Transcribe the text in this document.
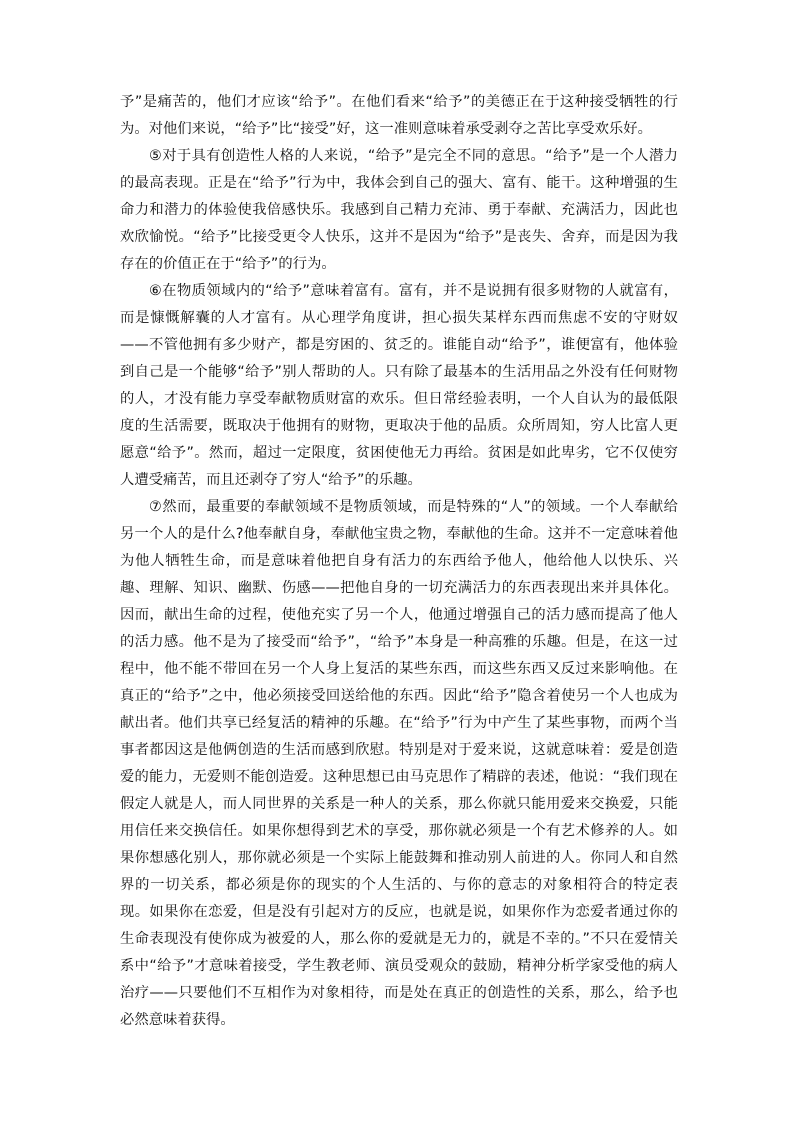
予”是痛苦的，他们才应该“给予”。在他们看来“给予”的美德正在于这种接受牺牲的行为。对他们来说，“给予”比“接受”好，这一准则意味着承受剥夺之苦比享受欢乐好。

⑤对于具有创造性人格的人来说，“给予”是完全不同的意思。“给予”是一个人潜力的最高表现。正是在“给予”行为中，我体会到自己的强大、富有、能干。这种增强的生命力和潜力的体验使我倍感快乐。我感到自己精力充沛、勇于奉献、充满活力，因此也欢欣愉悦。“给予”比接受更令人快乐，这并不是因为“给予”是丧失、舍弃，而是因为我存在的价值正在于“给予”的行为。

⑥在物质领域内的“给予”意味着富有。富有，并不是说拥有很多财物的人就富有，而是慷慨解囊的人才富有。从心理学角度讲，担心损失某样东西而焦虑不安的守财奴——不管他拥有多少财产，都是穷困的、贫乏的。谁能自动“给予”，谁便富有，他体验到自己是一个能够“给予”别人帮助的人。只有除了最基本的生活用品之外没有任何财物的人，才没有能力享受奉献物质财富的欢乐。但日常经验表明，一个人自认为的最低限度的生活需要，既取决于他拥有的财物，更取决于他的品质。众所周知，穷人比富人更愿意“给予”。然而，超过一定限度，贫困使他无力再给。贫困是如此卑劣，它不仅使穷人遭受痛苦，而且还剥夺了穷人“给予”的乐趣。

⑦然而，最重要的奉献领域不是物质领域，而是特殊的“人”的领域。一个人奉献给另一个人的是什么?他奉献自身，奉献他宝贵之物，奉献他的生命。这并不一定意味着他为他人牺牲生命，而是意味着他把自身有活力的东西给予他人，他给他人以快乐、兴趣、理解、知识、幽默、伤感——把他自身的一切充满活力的东西表现出来并具体化。因而，献出生命的过程，使他充实了另一个人，他通过增强自己的活力感而提高了他人的活力感。他不是为了接受而“给予”，“给予”本身是一种高雅的乐趣。但是，在这一过程中，他不能不带回在另一个人身上复活的某些东西，而这些东西又反过来影响他。在真正的“给予”之中，他必须接受回送给他的东西。因此“给予”隐含着使另一个人也成为献出者。他们共享已经复活的精神的乐趣。在“给予”行为中产生了某些事物，而两个当事者都因这是他俩创造的生活而感到欣慰。特别是对于爱来说，这就意味着：爱是创造爱的能力，无爱则不能创造爱。这种思想已由马克思作了精辟的表述，他说：“我们现在假定人就是人，而人同世界的关系是一种人的关系，那么你就只能用爱来交换爱，只能用信任来交换信任。如果你想得到艺术的享受，那你就必须是一个有艺术修养的人。如果你想感化别人，那你就必须是一个实际上能鼓舞和推动别人前进的人。你同人和自然界的一切关系，都必须是你的现实的个人生活的、与你的意志的对象相符合的特定表现。如果你在恋爱，但是没有引起对方的反应，也就是说，如果你作为恋爱者通过你的生命表现没有使你成为被爱的人，那么你的爱就是无力的，就是不幸的。”不只在爱情关系中“给予”才意味着接受，学生教老师、演员受观众的鼓励，精神分析学家受他的病人治疗——只要他们不互相作为对象相待，而是处在真正的创造性的关系，那么，给予也必然意味着获得。
